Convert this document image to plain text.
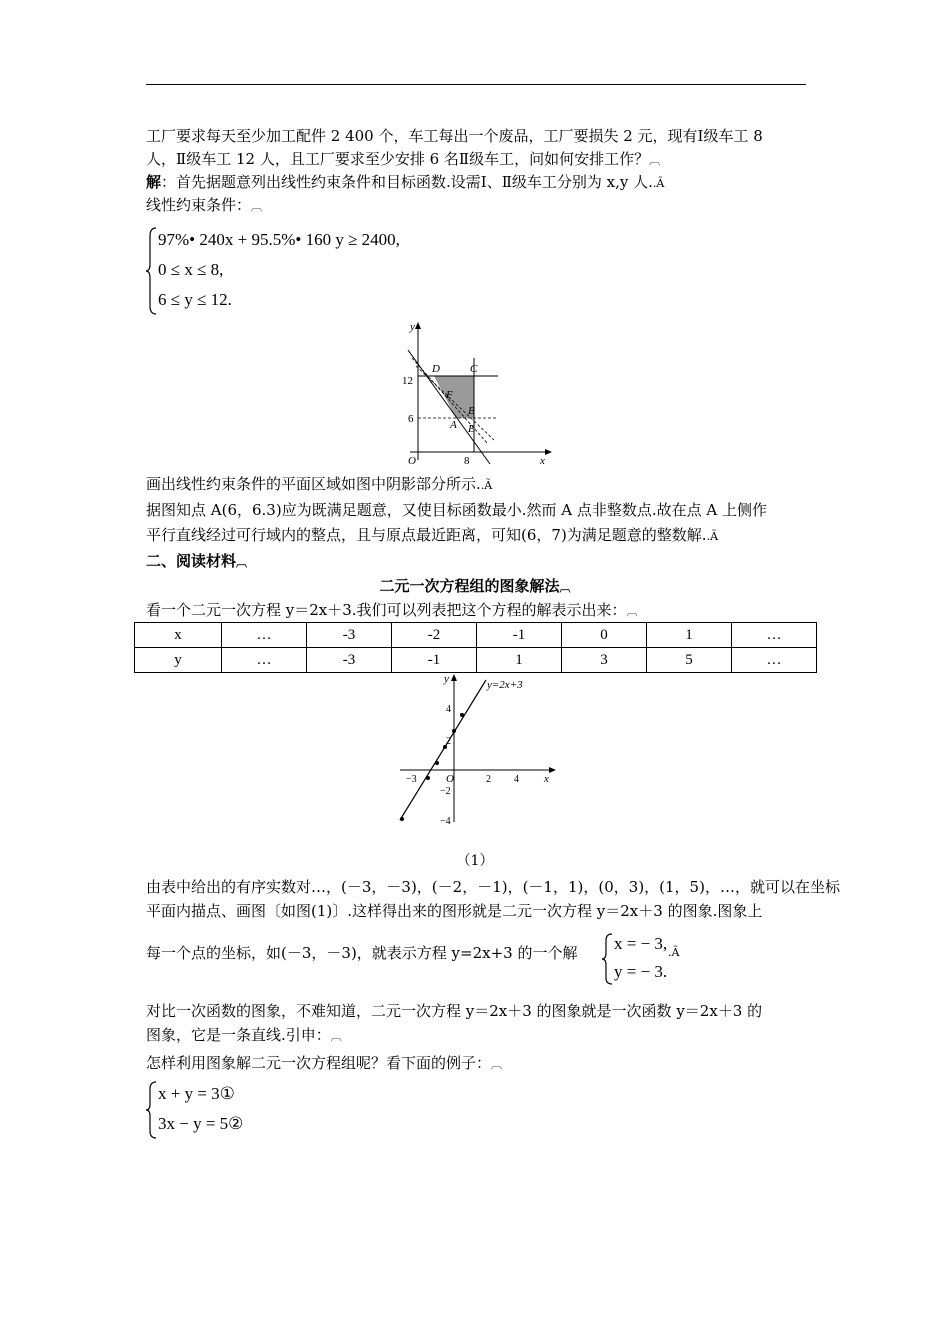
工厂要求每天至少加工配件 2 400 个，车工每出一个废品，工厂要损失 2 元，现有Ⅰ级车工 8
人，Ⅱ级车工 12 人，且工厂要求至少安排 6 名Ⅱ级车工，问如何安排工作？︹
解：首先据题意列出线性约束条件和目标函数.设需Ⅰ、Ⅱ级车工分别为 x,y 人..Ã
线性约束条件：︹
97%• 240x + 95.5%• 160 y ≥ 2400,
0 ≤ x ≤ 8,
6 ≤ y ≤ 12.
y
x
O
12
6
8
D	C
F
B
A E
画出线性约束条件的平面区域如图中阴影部分所示..Ã
据图知点 A(6，6.3)应为既满足题意，又使目标函数最小.然而 A 点非整数点.故在点 A 上侧作
平行直线经过可行域内的整点，且与原点最近距离，可知(6，7)为满足题意的整数解..Ã
二、阅读材料︹
二元一次方程组的图象解法︹
看一个二元一次方程 y＝2x＋3.我们可以列表把这个方程的解表示出来：︹
x	…	-3	-2	-1	0	1	…
y	…	-3	-1	1	3	5	…
y=2x+3
y
x
O
4
2
−2
−4
−3	2 4
（1）
由表中给出的有序实数对…，(－3，－3)，(－2，－1)，(－1，1)，(0，3)，(1，5)，…，就可以在坐标
平面内描点、画图〔如图(1)〕.这样得出来的图形就是二元一次方程 y＝2x＋3 的图象.图象上
每一个点的坐标，如(－3，－3)，就表示方程 y=2x+3 的一个解 x = − 3,
y = − 3.
.Ã
对比一次函数的图象，不难知道，二元一次方程 y＝2x＋3 的图象就是一次函数 y＝2x＋3 的
图象，它是一条直线.引申：︹
怎样利用图象解二元一次方程组呢？看下面的例子：︹
x + y = 3①
3x − y = 5②
